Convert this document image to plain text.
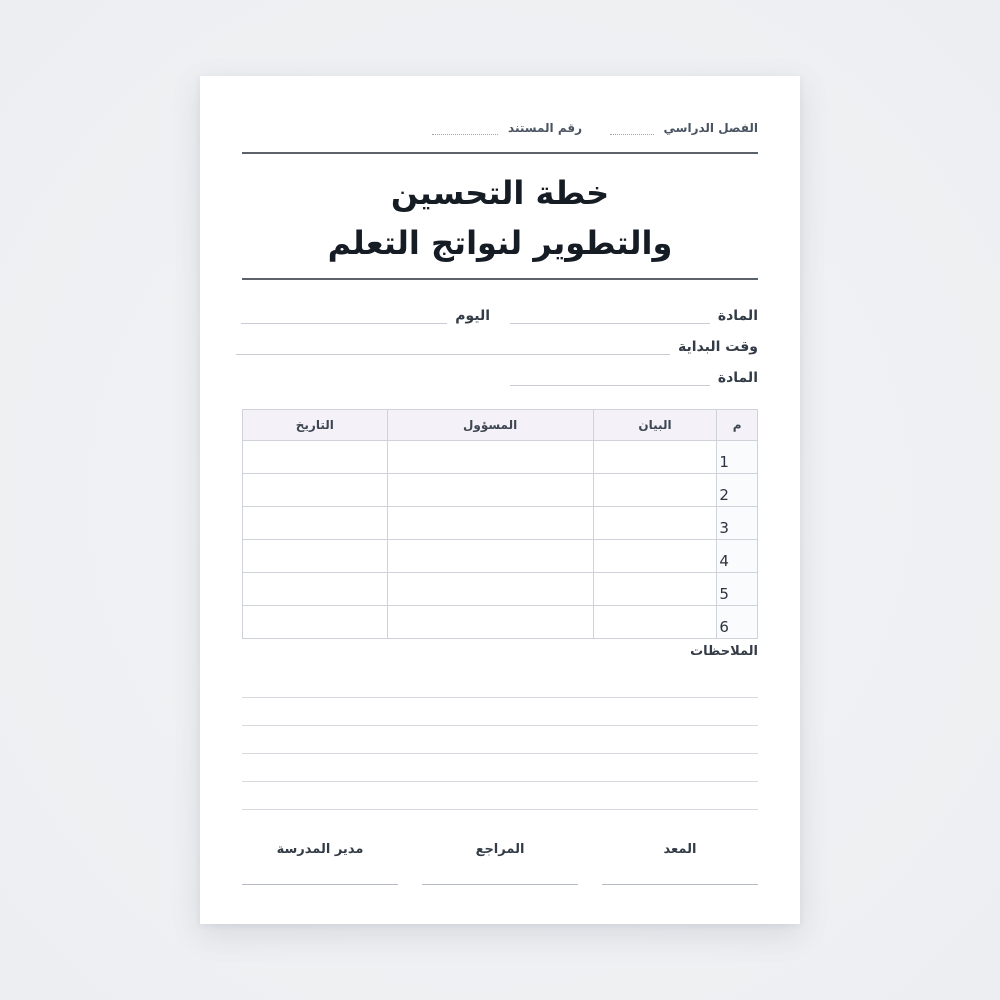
الفصل الدراسي
رقم المستند
خطة التحسين
والتطوير لنواتج التعلم
المادة
اليوم
وقت البداية
المادة
م	البيان	المسؤول	التاريخ
1			
2			
3			
4			
5			
6			
الملاحظات
المعد
المراجع
مدير المدرسة
